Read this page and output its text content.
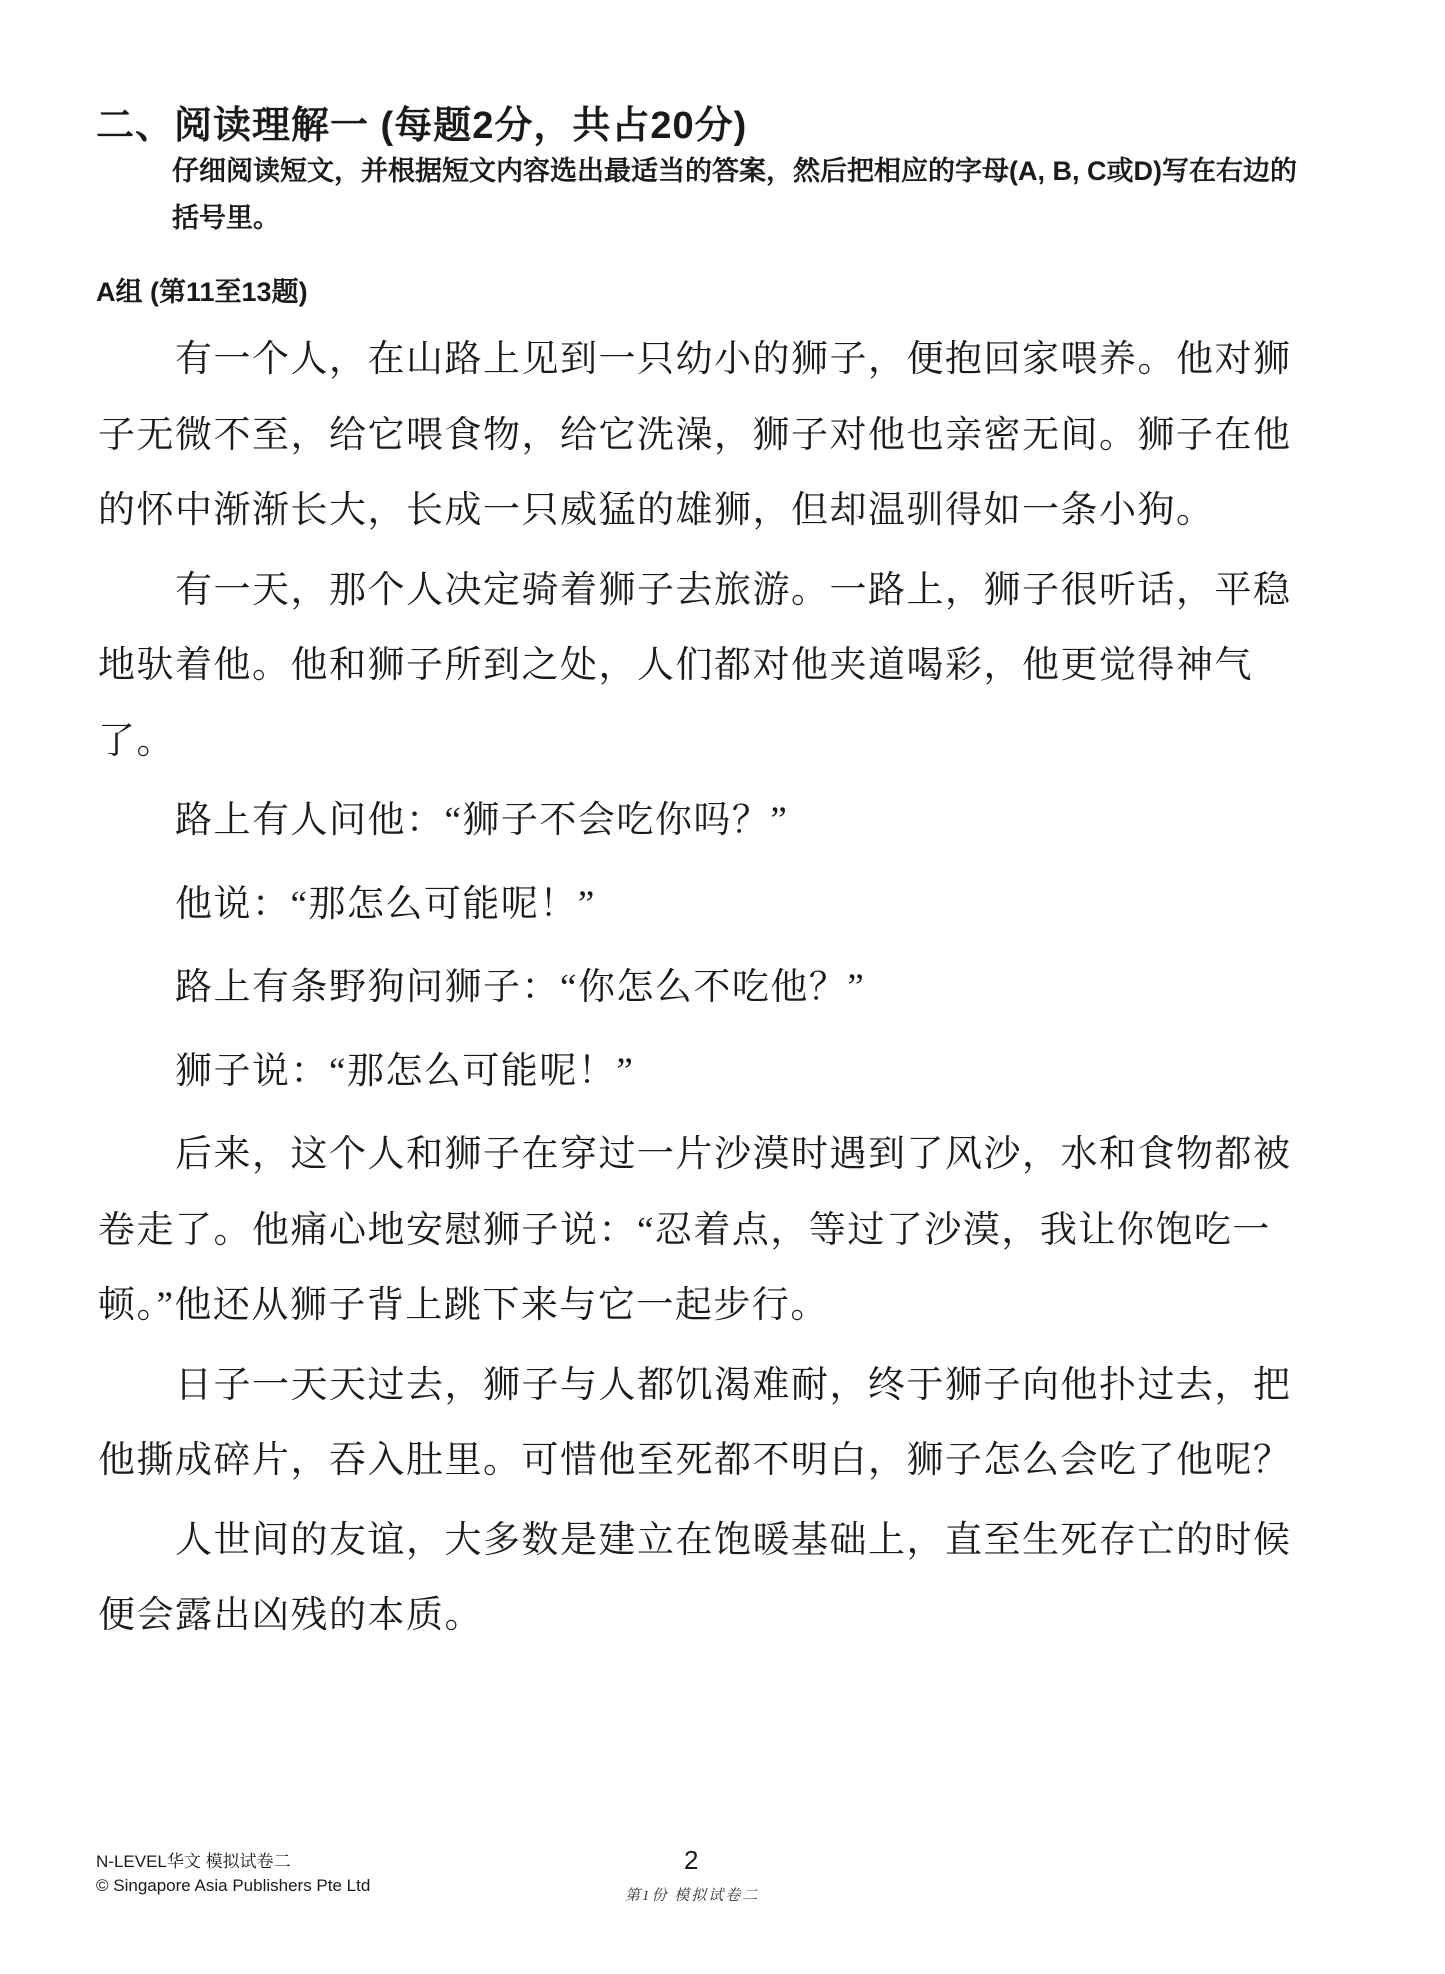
二、阅读理解一 (每题2分，共占20分)
仔细阅读短文，并根据短文内容选出最适当的答案，然后把相应的字母(A, B, C或D)写在右边的括号里。
A组 (第11至13题)

有一个人，在山路上见到一只幼小的狮子，便抱回家喂养。他对狮子无微不至，给它喂食物，给它洗澡，狮子对他也亲密无间。狮子在他的怀中渐渐长大，长成一只威猛的雄狮，但却温驯得如一条小狗。

有一天，那个人决定骑着狮子去旅游。一路上，狮子很听话，平稳地驮着他。他和狮子所到之处，人们都对他夹道喝彩，他更觉得神气了。

路上有人问他：“狮子不会吃你吗？”

他说：“那怎么可能呢！”

路上有条野狗问狮子：“你怎么不吃他？”

狮子说：“那怎么可能呢！”

后来，这个人和狮子在穿过一片沙漠时遇到了风沙，水和食物都被卷走了。他痛心地安慰狮子说：“忍着点，等过了沙漠，我让你饱吃一顿。”他还从狮子背上跳下来与它一起步行。

日子一天天过去，狮子与人都饥渴难耐，终于狮子向他扑过去，把他撕成碎片，吞入肚里。可惜他至死都不明白，狮子怎么会吃了他呢？

人世间的友谊，大多数是建立在饱暖基础上，直至生死存亡的时候便会露出凶残的本质。

N-LEVEL华文 模拟试卷二
© Singapore Asia Publishers Pte Ltd
2
第1份 模拟试卷二
